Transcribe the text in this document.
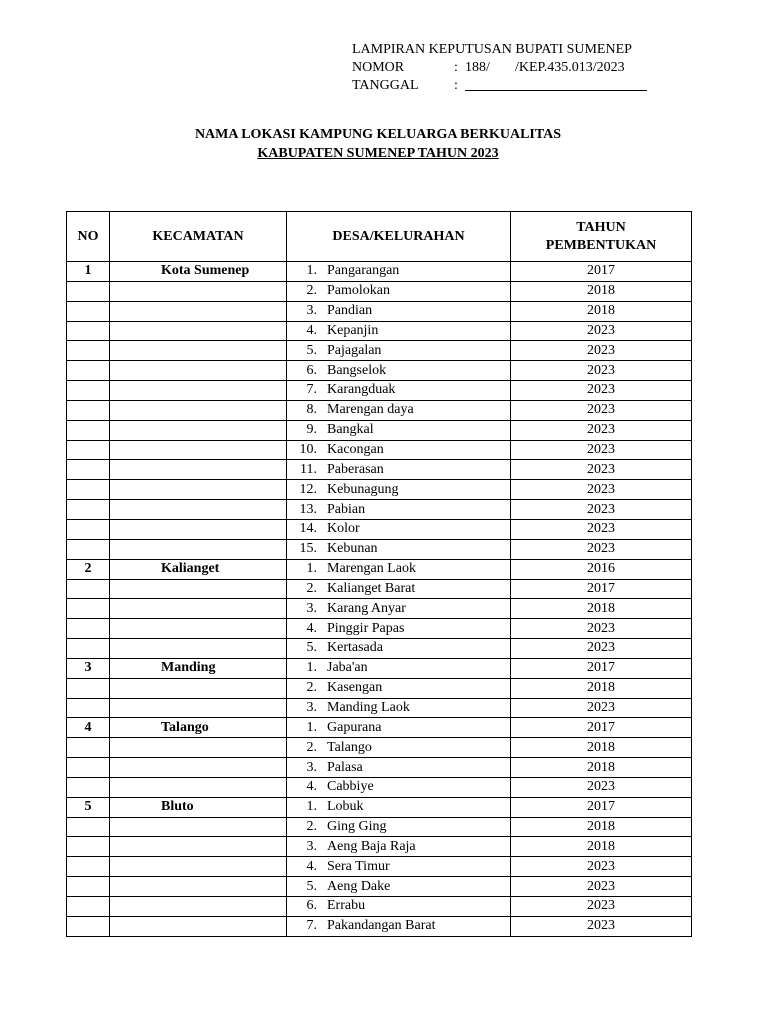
LAMPIRAN KEPUTUSAN BUPATI SUMENEP
NOMOR	: 188/	/KEP.435.013/2023
TANGGAL	:
NAMA LOKASI KAMPUNG KELUARGA BERKUALITAS
KABUPATEN SUMENEP TAHUN 2023
NO	KECAMATAN	DESA/KELURAHAN	TAHUN
PEMBENTUKAN

1	Kota Sumenep	1. Pangarangan	2017
		2. Pamolokan	2018
		3. Pandian	2018
		4. Kepanjin	2023
		5. Pajagalan	2023
		6. Bangselok	2023
		7. Karangduak	2023
		8. Marengan daya	2023
		9. Bangkal	2023
		10. Kacongan	2023
		11. Paberasan	2023
		12. Kebunagung	2023
		13. Pabian	2023
		14. Kolor	2023
		15. Kebunan	2023
2	Kalianget	1. Marengan Laok	2016
		2. Kalianget Barat	2017
		3. Karang Anyar	2018
		4. Pinggir Papas	2023
		5. Kertasada	2023
3	Manding	1. Jaba'an	2017
		2. Kasengan	2018
		3. Manding Laok	2023
4	Talango	1. Gapurana	2017
		2. Talango	2018
		3. Palasa	2018
		4. Cabbiye	2023
5	Bluto	1. Lobuk	2017
		2. Ging Ging	2018
		3. Aeng Baja Raja	2018
		4. Sera Timur	2023
		5. Aeng Dake	2023
		6. Errabu	2023
		7. Pakandangan Barat	2023
